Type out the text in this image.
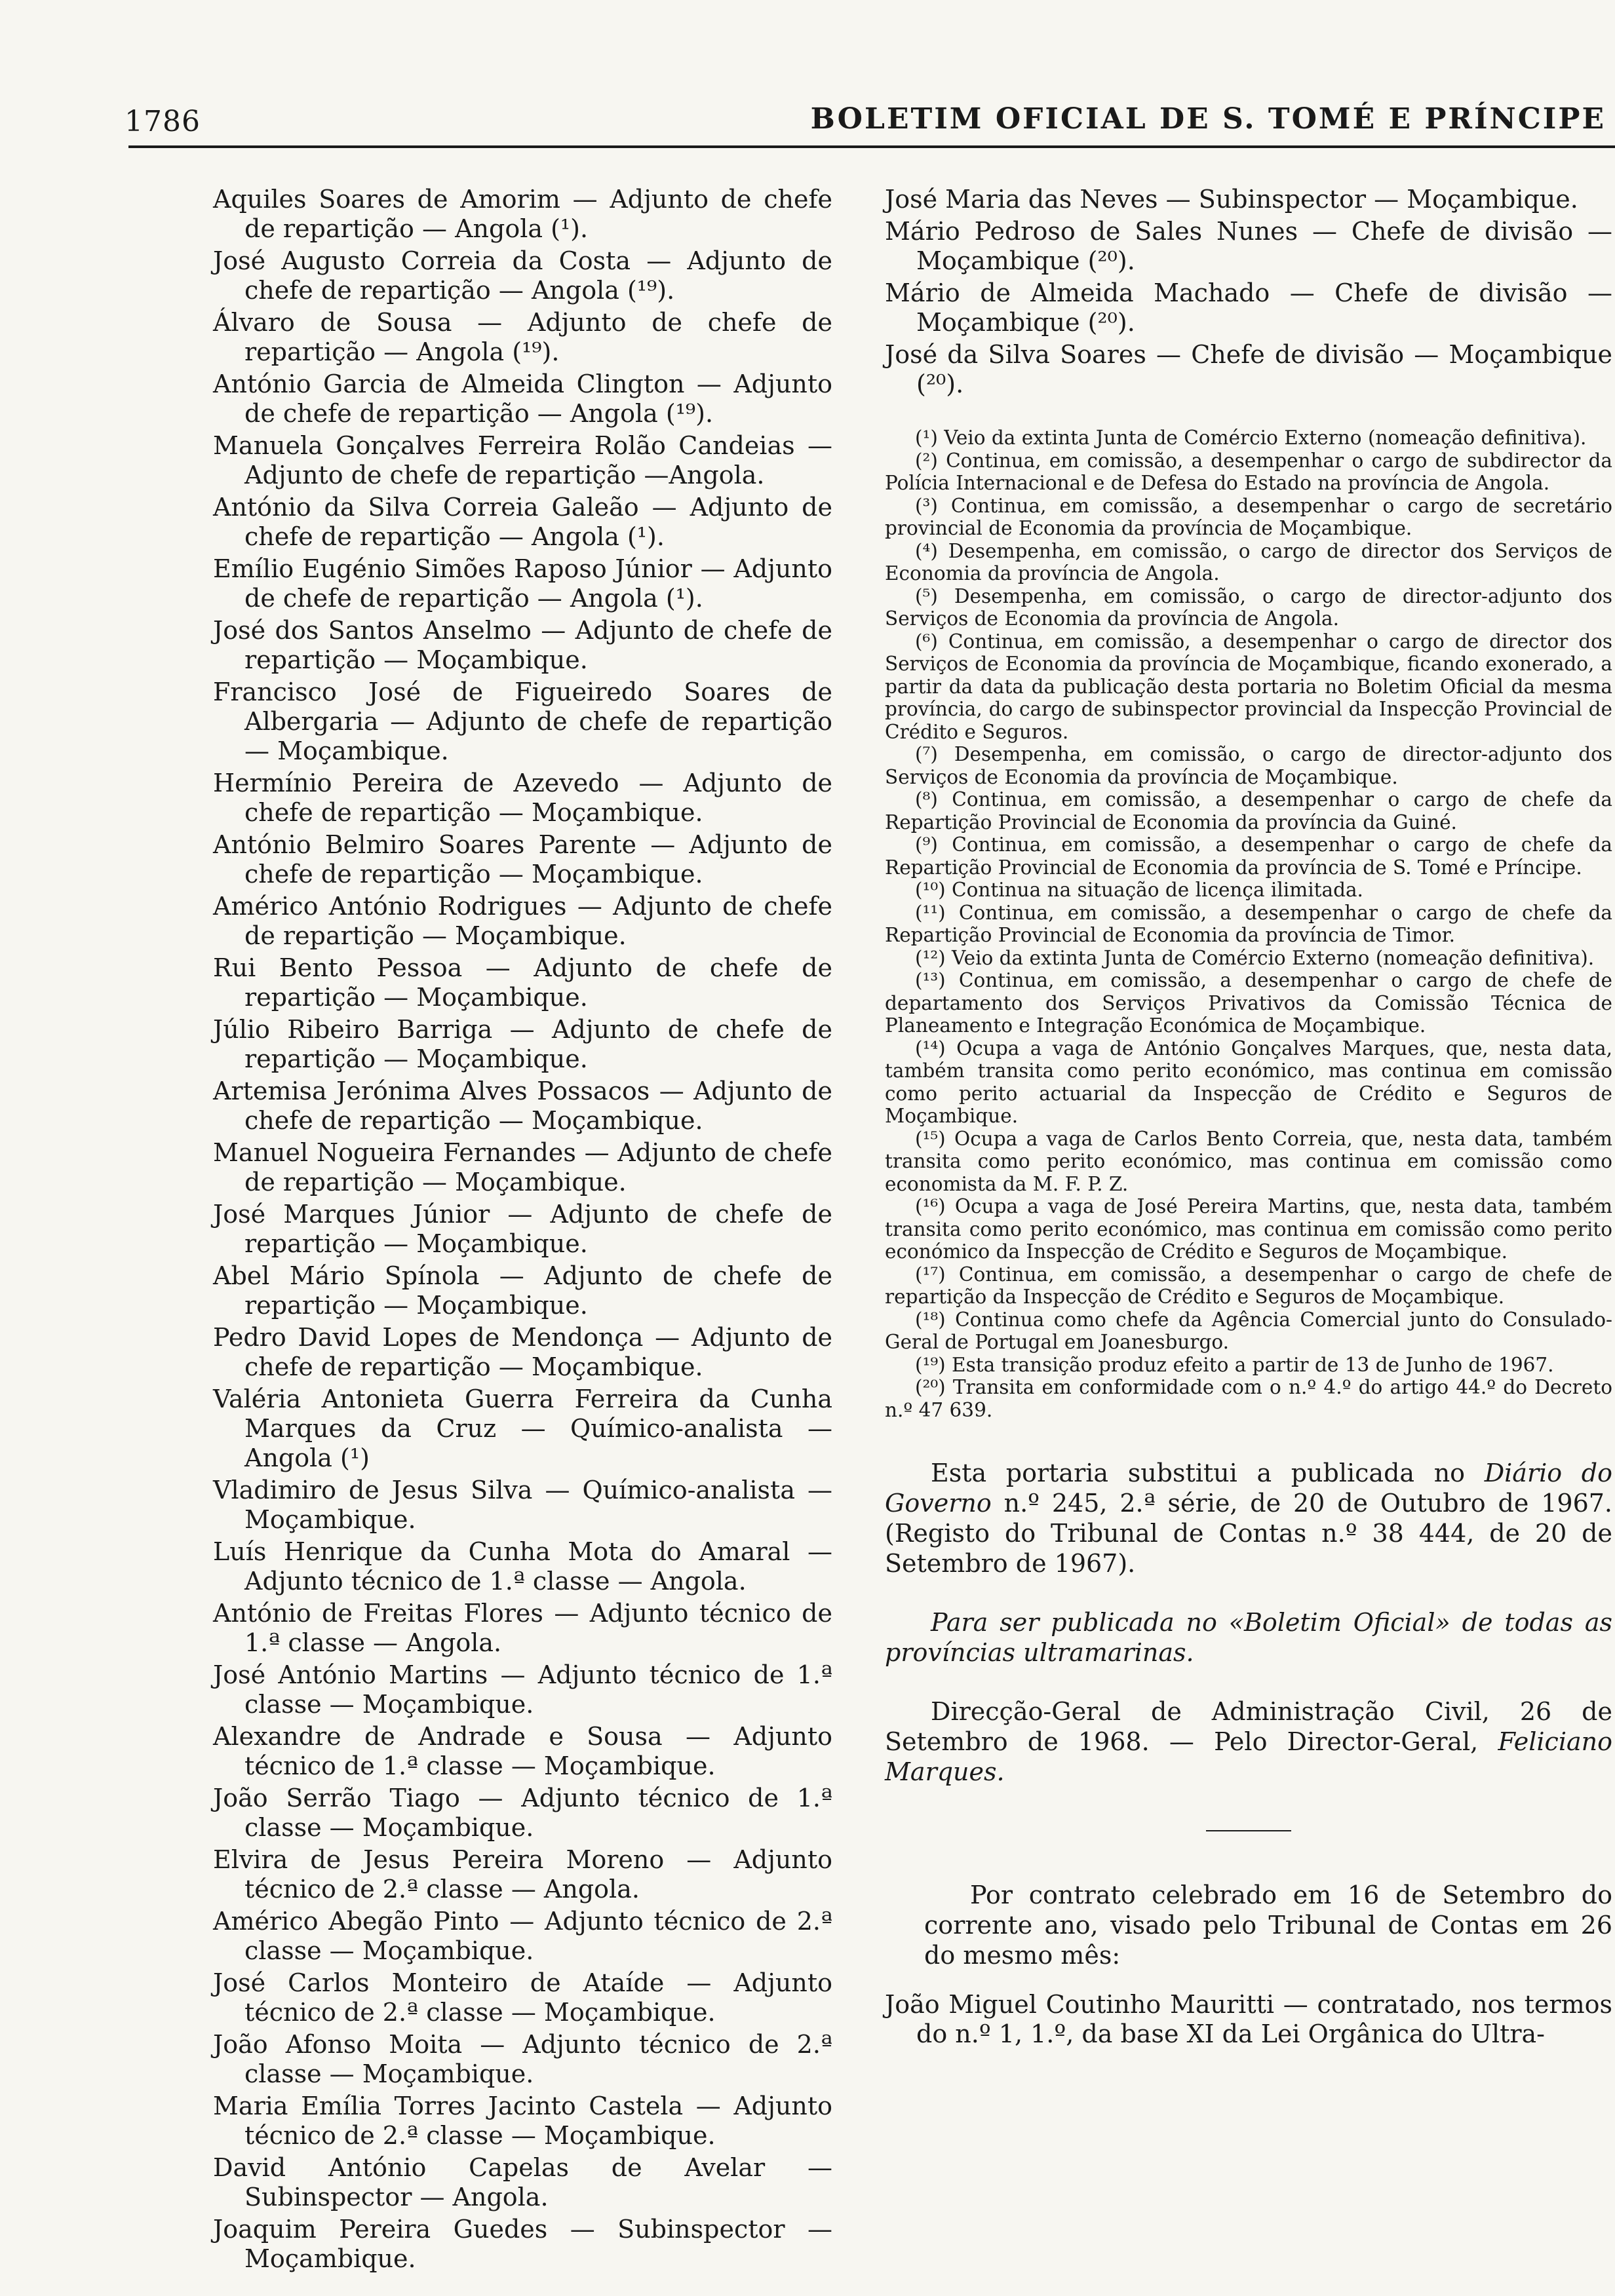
1786	BOLETIM OFICIAL DE S. TOMÉ E PRÍNCIPE

Aquiles Soares de Amorim — Adjunto de chefe de repartição — Angola (¹).

José Augusto Correia da Costa — Adjunto de chefe de repartição — Angola (¹⁹).

Álvaro de Sousa — Adjunto de chefe de repartição — Angola (¹⁹).

António Garcia de Almeida Clington — Adjunto de chefe de repartição — Angola (¹⁹).

Manuela Gonçalves Ferreira Rolão Candeias — Adjunto de chefe de repartição —Angola.

António da Silva Correia Galeão — Adjunto de chefe de repartição — Angola (¹).

Emílio Eugénio Simões Raposo Júnior — Adjunto de chefe de repartição — Angola (¹).

José dos Santos Anselmo — Adjunto de chefe de repartição — Moçambique.

Francisco José de Figueiredo Soares de Albergaria — Adjunto de chefe de repartição — Moçambique.

Hermínio Pereira de Azevedo — Adjunto de chefe de repartição — Moçambique.

António Belmiro Soares Parente — Adjunto de chefe de repartição — Moçambique.

Américo António Rodrigues — Adjunto de chefe de repartição — Moçambique.

Rui Bento Pessoa — Adjunto de chefe de repartição — Moçambique.

Júlio Ribeiro Barriga — Adjunto de chefe de repartição — Moçambique.

Artemisa Jerónima Alves Possacos — Adjunto de chefe de repartição — Moçambique.

Manuel Nogueira Fernandes — Adjunto de chefe de repartição — Moçambique.

José Marques Júnior — Adjunto de chefe de repartição — Moçambique.

Abel Mário Spínola — Adjunto de chefe de repartição — Moçambique.

Pedro David Lopes de Mendonça — Adjunto de chefe de repartição — Moçambique.

Valéria Antonieta Guerra Ferreira da Cunha Marques da Cruz — Químico-analista — Angola (¹)

Vladimiro de Jesus Silva — Químico-analista — Moçambique.

Luís Henrique da Cunha Mota do Amaral — Adjunto técnico de 1.ª classe — Angola.

António de Freitas Flores — Adjunto técnico de 1.ª classe — Angola.

José António Martins — Adjunto técnico de 1.ª classe — Moçambique.

Alexandre de Andrade e Sousa — Adjunto técnico de 1.ª classe — Moçambique.

João Serrão Tiago — Adjunto técnico de 1.ª classe — Moçambique.

Elvira de Jesus Pereira Moreno — Adjunto técnico de 2.ª classe — Angola.

Américo Abegão Pinto — Adjunto técnico de 2.ª classe — Moçambique.

José Carlos Monteiro de Ataíde — Adjunto técnico de 2.ª classe — Moçambique.

João Afonso Moita — Adjunto técnico de 2.ª classe — Moçambique.

Maria Emília Torres Jacinto Castela — Adjunto técnico de 2.ª classe — Moçambique.

David António Capelas de Avelar — Subinspector — Angola.

Joaquim Pereira Guedes — Subinspector — Moçambique.

José Maria das Neves — Subinspector — Moçambique.

Mário Pedroso de Sales Nunes — Chefe de divisão — Moçambique (²⁰).

Mário de Almeida Machado — Chefe de divisão — Moçambique (²⁰).

José da Silva Soares — Chefe de divisão — Moçambique (²⁰).

(¹) Veio da extinta Junta de Comércio Externo (nomeação definitiva).

(²) Continua, em comissão, a desempenhar o cargo de subdirector da Polícia Internacional e de Defesa do Estado na província de Angola.

(³) Continua, em comissão, a desempenhar o cargo de secretário provincial de Economia da província de Moçambique.

(⁴) Desempenha, em comissão, o cargo de director dos Serviços de Economia da província de Angola.

(⁵) Desempenha, em comissão, o cargo de director-adjunto dos Serviços de Economia da província de Angola.

(⁶) Continua, em comissão, a desempenhar o cargo de director dos Serviços de Economia da província de Moçambique, ficando exonerado, a partir da data da publicação desta portaria no Boletim Oficial da mesma província, do cargo de subinspector provincial da Inspecção Provincial de Crédito e Seguros.

(⁷) Desempenha, em comissão, o cargo de director-adjunto dos Serviços de Economia da província de Moçambique.

(⁸) Continua, em comissão, a desempenhar o cargo de chefe da Repartição Provincial de Economia da província da Guiné.

(⁹) Continua, em comissão, a desempenhar o cargo de chefe da Repartição Provincial de Economia da província de S. Tomé e Príncipe.

(¹⁰) Continua na situação de licença ilimitada.

(¹¹) Continua, em comissão, a desempenhar o cargo de chefe da Repartição Provincial de Economia da província de Timor.

(¹²) Veio da extinta Junta de Comércio Externo (nomeação definitiva).

(¹³) Continua, em comissão, a desempenhar o cargo de chefe de departamento dos Serviços Privativos da Comissão Técnica de Planeamento e Integração Económica de Moçambique.

(¹⁴) Ocupa a vaga de António Gonçalves Marques, que, nesta data, também transita como perito económico, mas continua em comissão como perito actuarial da Inspecção de Crédito e Seguros de Moçambique.

(¹⁵) Ocupa a vaga de Carlos Bento Correia, que, nesta data, também transita como perito económico, mas continua em comissão como economista da M. F. P. Z.

(¹⁶) Ocupa a vaga de José Pereira Martins, que, nesta data, também transita como perito económico, mas continua em comissão como perito económico da Inspecção de Crédito e Seguros de Moçambique.

(¹⁷) Continua, em comissão, a desempenhar o cargo de chefe de repartição da Inspecção de Crédito e Seguros de Moçambique.

(¹⁸) Continua como chefe da Agência Comercial junto do Consulado-Geral de Portugal em Joanesburgo.

(¹⁹) Esta transição produz efeito a partir de 13 de Junho de 1967.

(²⁰) Transita em conformidade com o n.º 4.º do artigo 44.º do Decreto n.º 47 639.

Esta portaria substitui a publicada no Diário do Governo n.º 245, 2.ª série, de 20 de Outubro de 1967. (Registo do Tribunal de Contas n.º 38 444, de 20 de Setembro de 1967).

Para ser publicada no «Boletim Oficial» de todas as províncias ultramarinas.

Direcção-Geral de Administração Civil, 26 de Setembro de 1968. — Pelo Director-Geral, Feliciano Marques.

Por contrato celebrado em 16 de Setembro do corrente ano, visado pelo Tribunal de Contas em 26 do mesmo mês:

João Miguel Coutinho Mauritti — contratado, nos termos do n.º 1, 1.º, da base XI da Lei Orgânica do Ultra-
